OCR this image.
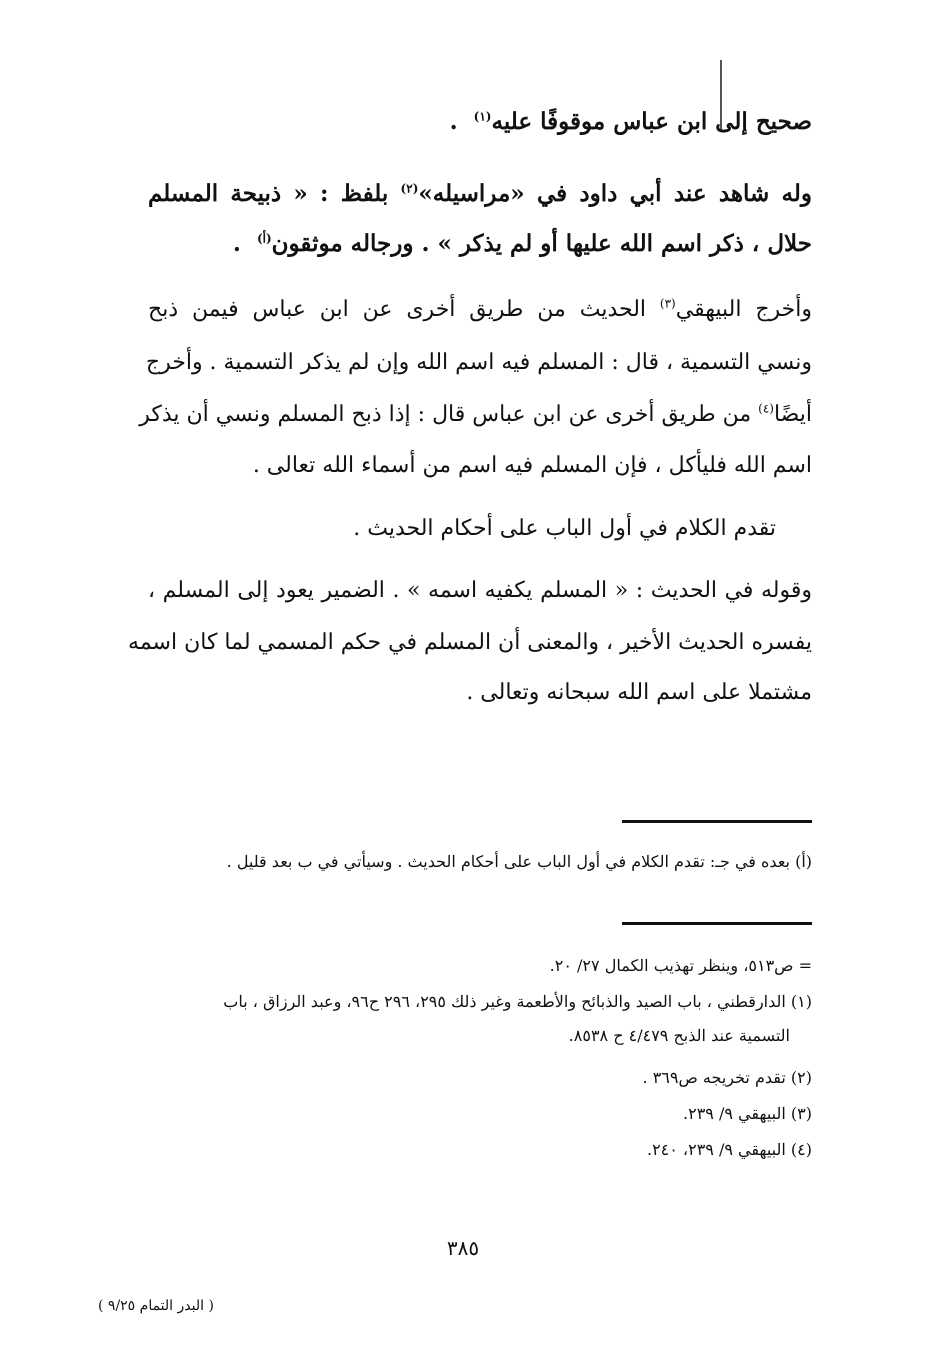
صحيح إلى ابن عباس موقوفًا عليه$^{(١)}$  .
وله شاهد عند أبي داود في «مراسيله»$^{(٢)}$ بلفظ : « ذبيحة المسلم
حلال ، ذكر اسم الله عليها أو لم يذكر » . ورجاله موثقون$^{(أ)}$  .
وأخرج البيهقي$^{(٣)}$ الحديث من طريق أخرى عن ابن عباس فيمن ذبح
ونسي التسمية ، قال : المسلم فيه اسم الله وإن لم يذكر التسمية . وأخرج
أيضًا$^{(٤)}$ من طريق أخرى عن ابن عباس قال : إذا ذبح المسلم ونسي أن يذكر
اسم الله فليأكل ، فإن المسلم فيه اسم من أسماء الله تعالى .
تقدم الكلام في أول الباب على أحكام الحديث .
وقوله في الحديث : « المسلم يكفيه اسمه » . الضمير يعود إلى المسلم ،
يفسره الحديث الأخير ، والمعنى أن المسلم في حكم المسمي لما كان اسمه
مشتملا على اسم الله سبحانه وتعالى .
(أ) بعده في جـ: تقدم الكلام في أول الباب على أحكام الحديث . وسيأتي في ب بعد قليل .
= ص٥١٣، وينظر تهذيب الكمال ٢٧/ ٢٠.
(١) الدارقطني ، باب الصيد والذبائح والأطعمة وغير ذلك ٢٩٥، ٢٩٦ ح٩٦، وعبد الرزاق ، باب
التسمية عند الذبح ٤/٤٧٩ ح ٨٥٣٨.
(٢) تقدم تخريجه ص٣٦٩ .
(٣) البيهقي ٩/ ٢٣٩.
(٤) البيهقي ٩/ ٢٣٩، ٢٤٠.
٣٨٥
( البدر التمام ٩/٢٥ )
